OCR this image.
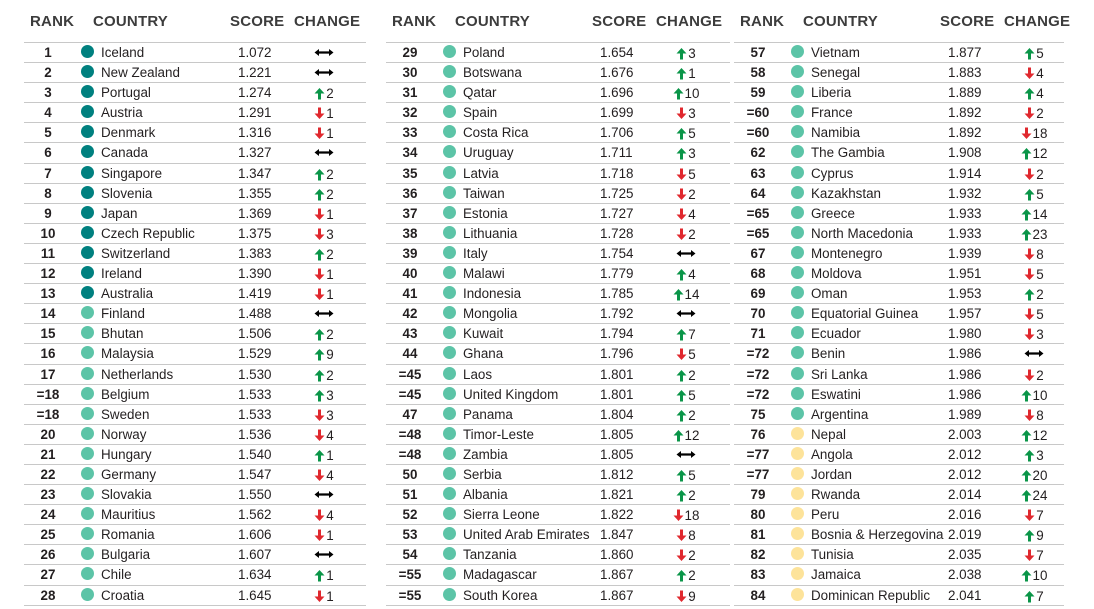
RANK COUNTRY	SCORE CHANGE
1	Iceland	1.072
2	New Zealand	1.221
3	Portugal	1.274	2
4	Austria	1.291	1
5	Denmark	1.316	1
6	Canada	1.327
7	Singapore	1.347	2
8	Slovenia	1.355	2
9	Japan	1.369	1
10	Czech Republic	1.375	3
11	Switzerland	1.383	2
12	Ireland	1.390	1
13	Australia	1.419	1
14	Finland	1.488
15	Bhutan	1.506	2
16	Malaysia	1.529	9
17	Netherlands	1.530	2
=18	Belgium	1.533	3
=18	Sweden	1.533	3
20	Norway	1.536	4
21	Hungary	1.540	1
22	Germany	1.547	4
23	Slovakia	1.550
24	Mauritius	1.562	4
25	Romania	1.606	1
26	Bulgaria	1.607
27	Chile	1.634	1
28	Croatia	1.645	1
RANK COUNTRY	SCORE CHANGE
29	Poland	1.654	3
30	Botswana	1.676	1
31	Qatar	1.696	10
32	Spain	1.699	3
33	Costa Rica	1.706	5
34	Uruguay	1.711	3
35	Latvia	1.718	5
36	Taiwan	1.725	2
37	Estonia	1.727	4
38	Lithuania	1.728	2
39	Italy	1.754
40	Malawi	1.779	4
41	Indonesia	1.785	14
42	Mongolia	1.792
43	Kuwait	1.794	7
44	Ghana	1.796	5
=45	Laos	1.801	2
=45	United Kingdom	1.801	5
47	Panama	1.804	2
=48	Timor-Leste	1.805	12
=48	Zambia	1.805
50	Serbia	1.812	5
51	Albania	1.821	2
52	Sierra Leone	1.822	18
53	United Arab Emirates 1.847	8
54	Tanzania	1.860	2
=55	Madagascar	1.867	2
=55	South Korea	1.867	9
RANK COUNTRY	SCORE CHANGE
57	Vietnam	1.877	5
58	Senegal	1.883	4
59	Liberia	1.889	4
=60	France	1.892	2
=60	Namibia	1.892	18
62	The Gambia	1.908	12
63	Cyprus	1.914	2
64	Kazakhstan	1.932	5
=65	Greece	1.933	14
=65	North Macedonia	1.933	23
67	Montenegro	1.939	8
68	Moldova	1.951	5
69	Oman	1.953	2
70	Equatorial Guinea 1.957	5
71	Ecuador	1.980	3
=72	Benin	1.986
=72	Sri Lanka	1.986	2
=72	Eswatini	1.986	10
75	Argentina	1.989	8
76	Nepal	2.003	12
=77	Angola	2.012	3
=77	Jordan	2.012	20
79	Rwanda	2.014	24
80	Peru	2.016	7
81	Bosnia & Herzegovina 2.019	9
82	Tunisia	2.035	7
83	Jamaica	2.038	10
84	Dominican Republic 2.041	7
